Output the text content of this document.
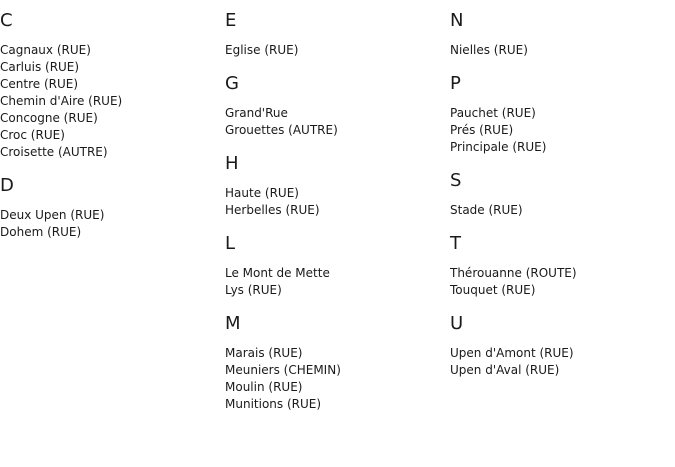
C
Cagnaux (RUE)
Carluis (RUE)
Centre (RUE)
Chemin d'Aire (RUE)
Concogne (RUE)
Croc (RUE)
Croisette (AUTRE)
D
Deux Upen (RUE)
Dohem (RUE)
E
Eglise (RUE)
G
Grand'Rue
Grouettes (AUTRE)
H
Haute (RUE)
Herbelles (RUE)
L
Le Mont de Mette
Lys (RUE)
M
Marais (RUE)
Meuniers (CHEMIN)
Moulin (RUE)
Munitions (RUE)
N
Nielles (RUE)
P
Pauchet (RUE)
Prés (RUE)
Principale (RUE)
S
Stade (RUE)
T
Thérouanne (ROUTE)
Touquet (RUE)
U
Upen d'Amont (RUE)
Upen d'Aval (RUE)
